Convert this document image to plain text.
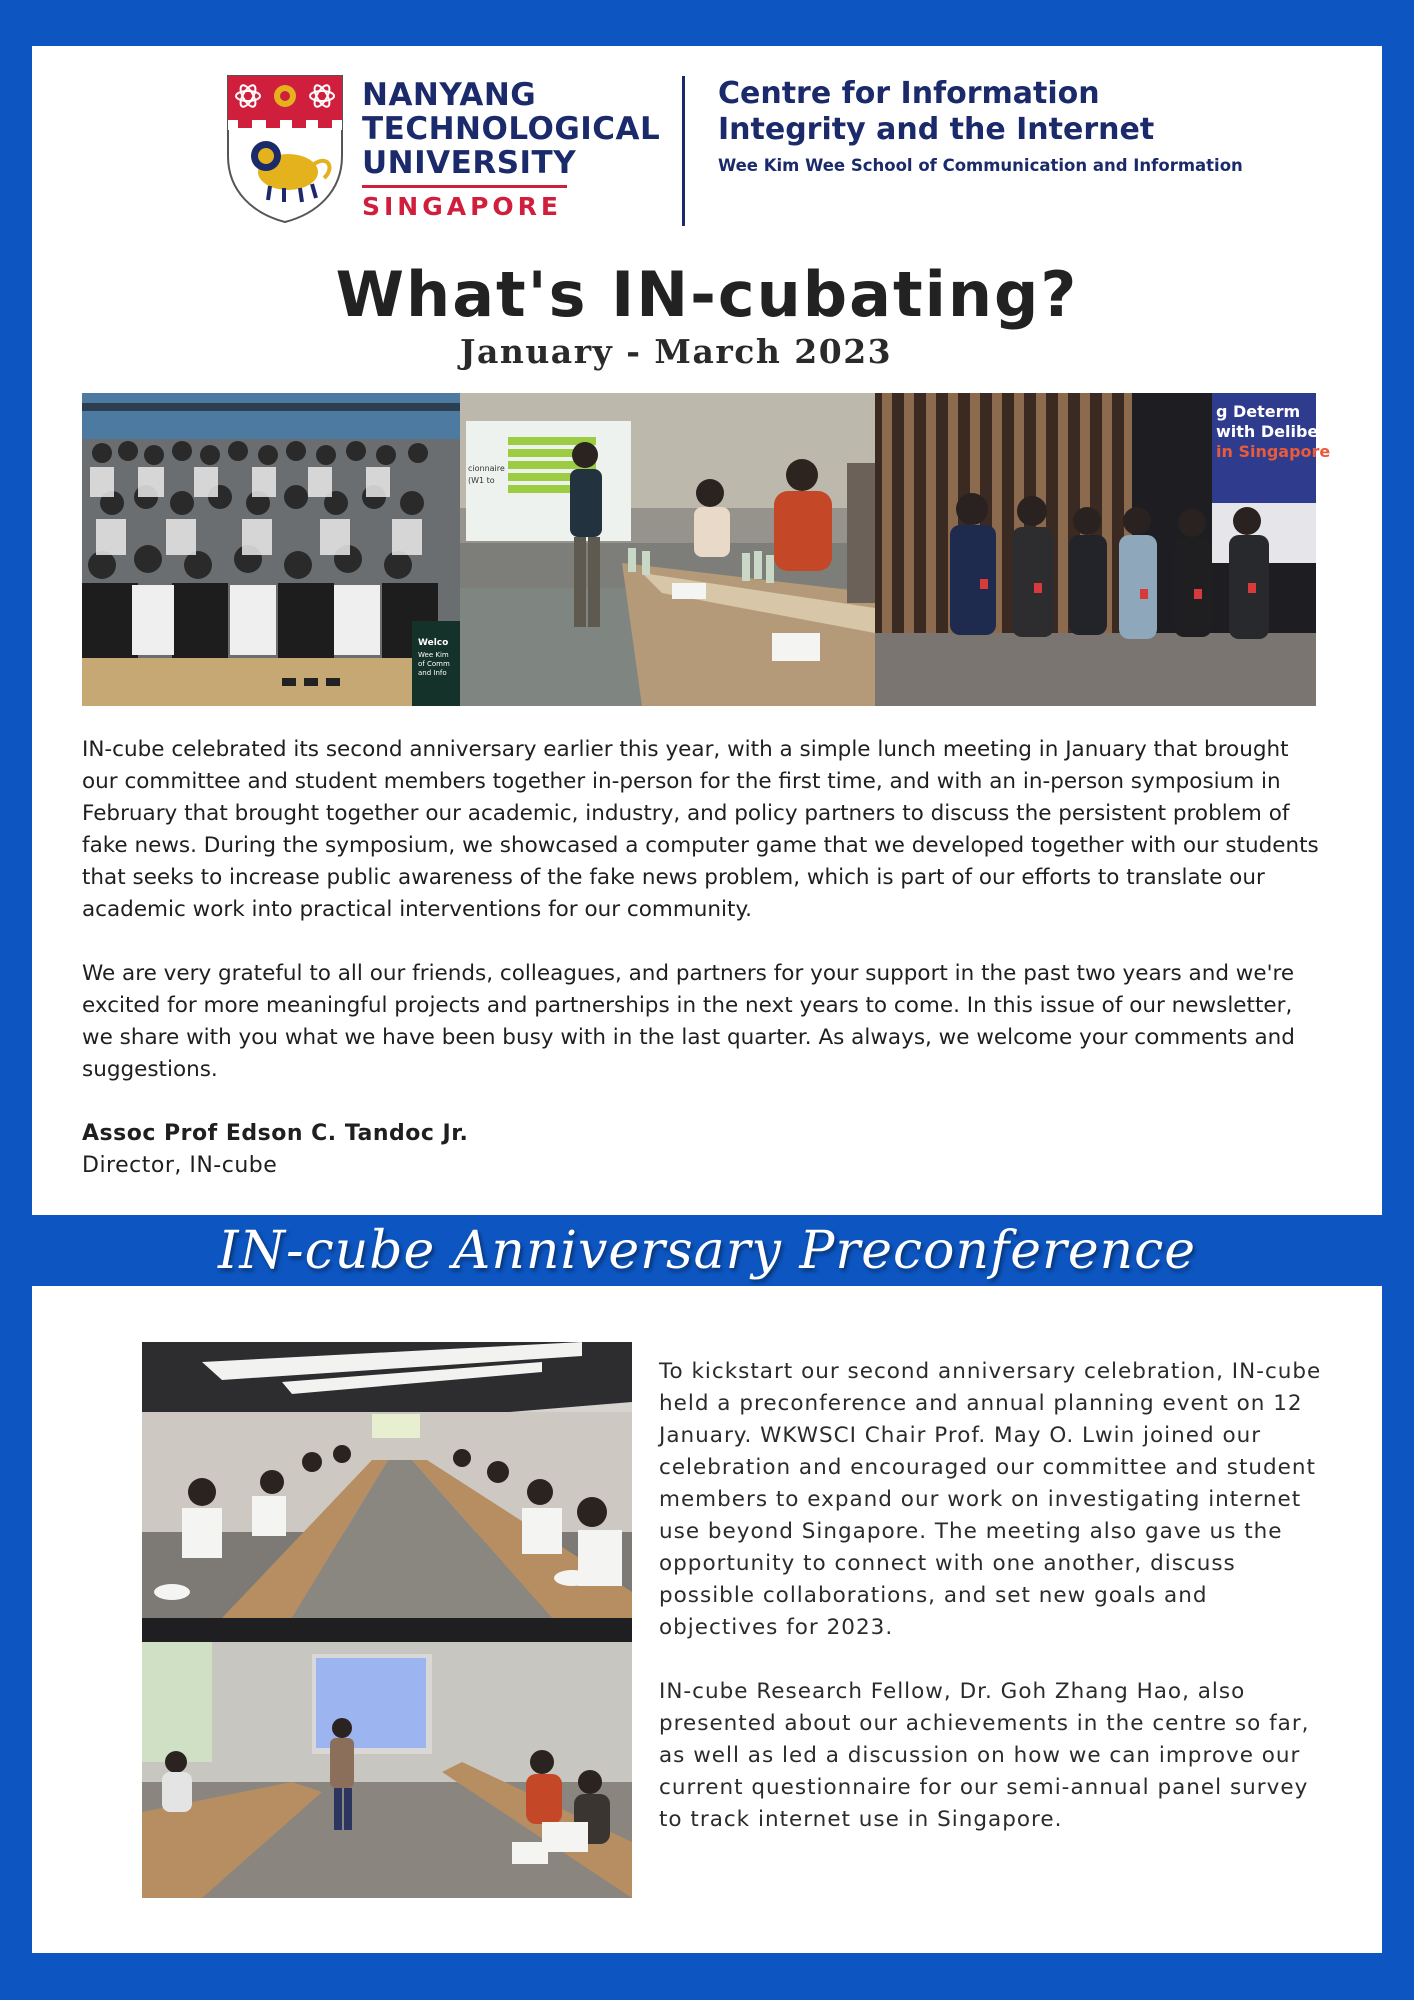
NANYANG
TECHNOLOGICAL
UNIVERSITY
SINGAPORE
Centre for Information
Integrity and the Internet
Wee Kim Wee School of Communication and Information
What's IN-cubating?
January - March 2023
Welco
Wee Kim
of Comm
and Info
cionnaire
(W1 to
g Determ
with Deliberate O
in Singapore

IN-cube celebrated its second anniversary earlier this year, with a simple lunch meeting in January that brought our committee and student members together in-person for the first time, and with an in-person symposium in February that brought together our academic, industry, and policy partners to discuss the persistent problem of fake news. During the symposium, we showcased a computer game that we developed together with our students that seeks to increase public awareness of the fake news problem, which is part of our efforts to translate our academic work into practical interventions for our community.

We are very grateful to all our friends, colleagues, and partners for your support in the past two years and we're excited for more meaningful projects and partnerships in the next years to come. In this issue of our newsletter, we share with you what we have been busy with in the last quarter. As always, we welcome your comments and suggestions.

Assoc Prof Edson C. Tandoc Jr.
Director, IN-cube
IN-cube Anniversary Preconference

To kickstart our second anniversary celebration, IN-cube held a preconference and annual planning event on 12 January. WKWSCI Chair Prof. May O. Lwin joined our celebration and encouraged our committee and student members to expand our work on investigating internet use beyond Singapore. The meeting also gave us the opportunity to connect with one another, discuss possible collaborations, and set new goals and objectives for 2023.

IN-cube Research Fellow, Dr. Goh Zhang Hao, also presented about our achievements in the centre so far, as well as led a discussion on how we can improve our current questionnaire for our semi-annual panel survey to track internet use in Singapore.
